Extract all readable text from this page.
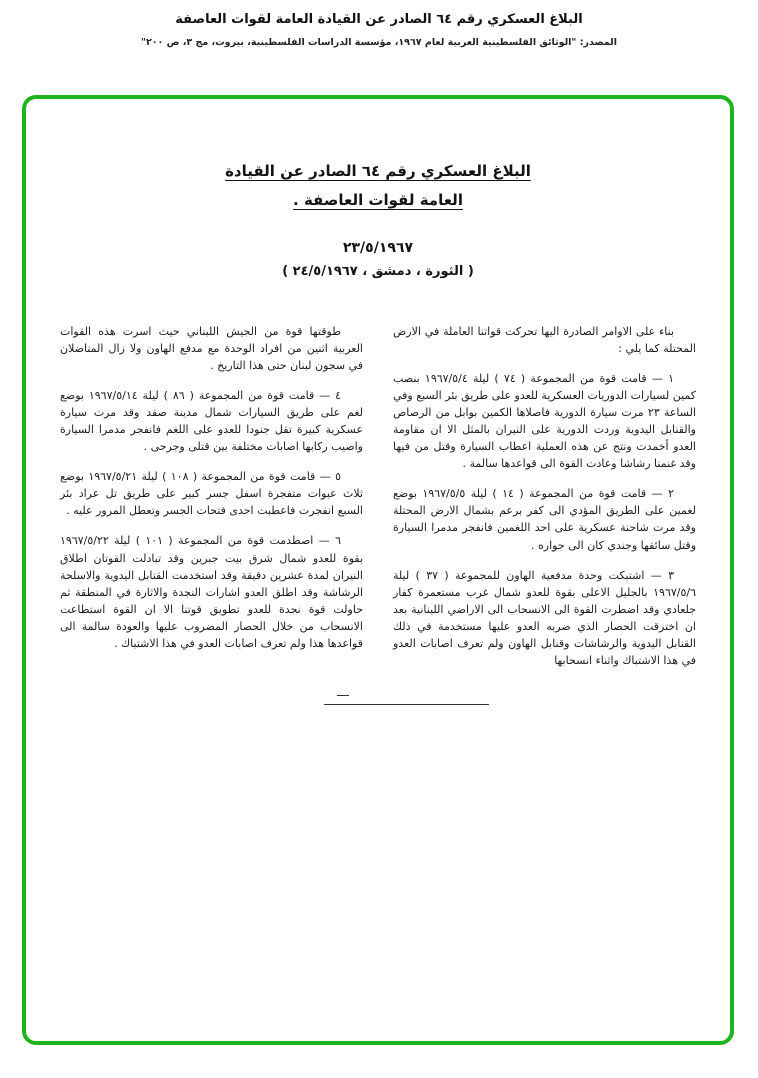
البلاغ العسكري رقم ٦٤ الصادر عن القيادة العامة لقوات العاصفة
المصدر: "الوثائق الفلسطينية العربية لعام ١٩٦٧، مؤسسة الدراسات الفلسطينية، بيروت، مج ٣، ص ٢٠٠"
البلاغ العسكري رقم ٦٤ الصادر عن القيادة
العامة لقوات العاصفة .
٢٣/٥/١٩٦٧
( الثورة ، دمشق ، ٢٤/٥/١٩٦٧ )

بناء على الاوامر الصادرة اليها تحركت قواتنا العاملة في الارض المحتلة كما يلي :

١ — قامت قوة من المجموعة ( ٧٤ ) ليلة ١٩٦٧/٥/٤ بنصب كمين لسيارات الدوريات العسكرية للعدو على طريق بئر السبع وفي الساعة ٢٣ مرت سيارة الدورية فاصلاها الكمين بوابل من الرصاص والقنابل اليدوية وردت الدورية على النيران بالمثل الا ان مقاومة العدو أخمدت ونتج عن هذه العملية اعطاب السيارة وقتل من فيها وقد غنمنا رشاشا وعادت القوة الى قواعدها سالمة .

٢ — قامت قوة من المجموعة ( ١٤ ) ليلة ١٩٦٧/٥/٥ بوضع لغمين على الطريق المؤدي الى كفر برعم بشمال الارض المحتلة وقد مرت شاحنة عسكرية على احد اللغمين فانفجر مدمرا السيارة وقتل سائقها وجندي كان الى جواره .

٣ — اشتبكت وحدة مدفعية الهاون للمجموعة ( ٣٧ ) ليلة ١٩٦٧/٥/٦ بالجليل الاعلى بقوة للعدو شمال غرب مستعمرة كفار جلعادي وقد اضطرت القوة الى الانسحاب الى الاراضي اللبنانية بعد ان اخترقت الحصار الذي ضربه العدو عليها مستخدمة في ذلك القنابل اليدوية والرشاشات وقنابل الهاون ولم تعرف اصابات العدو في هذا الاشتباك واثناء انسحابها

طوقتها قوة من الجيش اللبناني حيث اسرت هذه القوات العربية اثنين من افراد الوحدة مع مدفع الهاون ولا زال المناضلان في سجون لبنان حتى هذا التاريخ .

٤ — قامت قوة من المجموعة ( ٨٦ ) ليلة ١٩٦٧/٥/١٤ بوضع لغم على طريق السيارات شمال مدينة صفد وقد مرت سيارة عسكرية كبيرة تقل جنودا للعدو على اللغم فانفجر مدمرا السيارة واصيب ركابها اصابات مختلفة بين قتلى وجرحى .

٥ — قامت قوة من المجموعة ( ١٠٨ ) ليلة ١٩٦٧/٥/٢١ بوضع ثلاث عبوات متفجرة اسفل جسر كبير على طريق تل عراد بئر السبع انفجرت فاعطبت احدى فتحات الجسر وتعطل المرور عليه .

٦ — اصطدمت قوة من المجموعة ( ١٠١ ) ليلة ١٩٦٧/٥/٢٢ بقوة للعدو شمال شرق بيت جبرين وقد تبادلت القوتان اطلاق النيران لمدة عشرين دقيقة وقد استخدمت القنابل اليدوية والاسلحة الرشاشة وقد اطلق العدو اشارات النجدة والاثارة في المنطقة ثم حاولت قوة نجدة للعدو تطويق قوتنا الا ان القوة استطاعت الانسحاب من خلال الحصار المضروب عليها والعودة سالمة الى قواعدها هذا ولم تعرف اصابات العدو في هذا الاشتباك .
